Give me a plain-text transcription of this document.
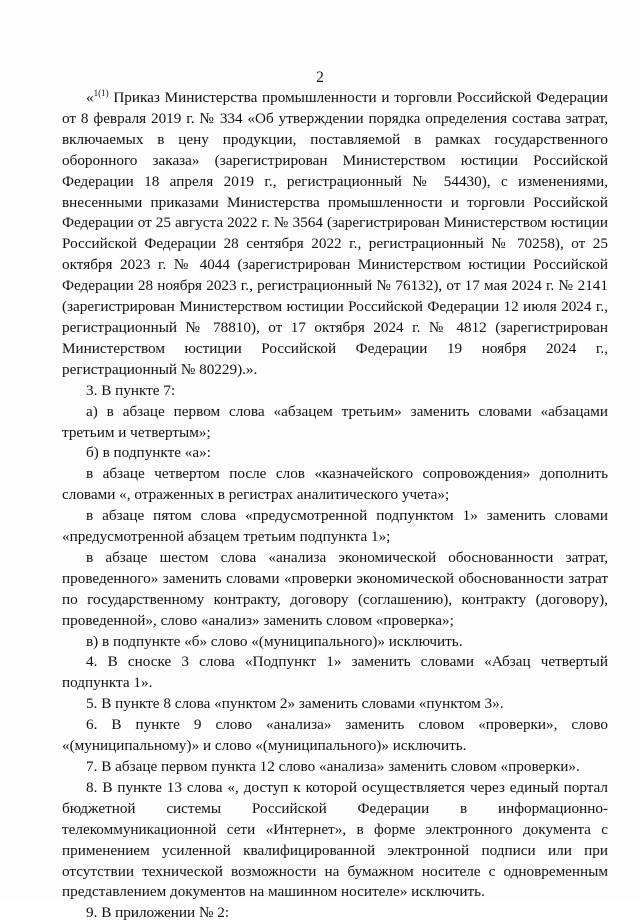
2

«$^{1(1)}$ Приказ Министерства промышленности и торговли Российской Федерации от 8 февраля 2019 г. № 334 «Об утверждении порядка определения состава затрат, включаемых в цену продукции, поставляемой в рамках государственного оборонного заказа» (зарегистрирован Министерством юстиции Российской Федерации 18 апреля 2019 г., регистрационный № 54430), с изменениями, внесенными приказами Министерства промышленности и торговли Российской Федерации от 25 августа 2022 г. № 3564 (зарегистрирован Министерством юстиции Российской Федерации 28 сентября 2022 г., регистрационный № 70258), от 25 октября 2023 г. № 4044 (зарегистрирован Министерством юстиции Российской Федерации 28 ноября 2023 г., регистрационный № 76132), от 17 мая 2024 г. № 2141 (зарегистрирован Министерством юстиции Российской Федерации 12 июля 2024 г., регистрационный № 78810), от 17 октября 2024 г. № 4812 (зарегистрирован Министерством юстиции Российской Федерации 19 ноября 2024 г., регистрационный № 80229).».

3. В пункте 7:

а) в абзаце первом слова «абзацем третьим» заменить словами «абзацами третьим и четвертым»;

б) в подпункте «а»:

в абзаце четвертом после слов «казначейского сопровождения» дополнить словами «, отраженных в регистрах аналитического учета»;

в абзаце пятом слова «предусмотренной подпунктом 1» заменить словами «предусмотренной абзацем третьим подпункта 1»;

в абзаце шестом слова «анализа экономической обоснованности затрат, проведенного» заменить словами «проверки экономической обоснованности затрат по государственному контракту, договору (соглашению), контракту (договору), проведенной», слово «анализ» заменить словом «проверка»;

в) в подпункте «б» слово «(муниципального)» исключить.

4. В сноске 3 слова «Подпункт 1» заменить словами «Абзац четвертый подпункта 1».

5. В пункте 8 слова «пунктом 2» заменить словами «пунктом 3».

6. В пункте 9 слово «анализа» заменить словом «проверки», слово «(муниципальному)» и слово «(муниципального)» исключить.

7. В абзаце первом пункта 12 слово «анализа» заменить словом «проверки».

8. В пункте 13 слова «, доступ к которой осуществляется через единый портал бюджетной системы Российской Федерации в информационно-телекоммуникационной сети «Интернет», в форме электронного документа с применением усиленной квалифицированной электронной подписи или при отсутствии технической возможности на бумажном носителе с одновременным представлением документов на машинном носителе» исключить.

9. В приложении № 2:
